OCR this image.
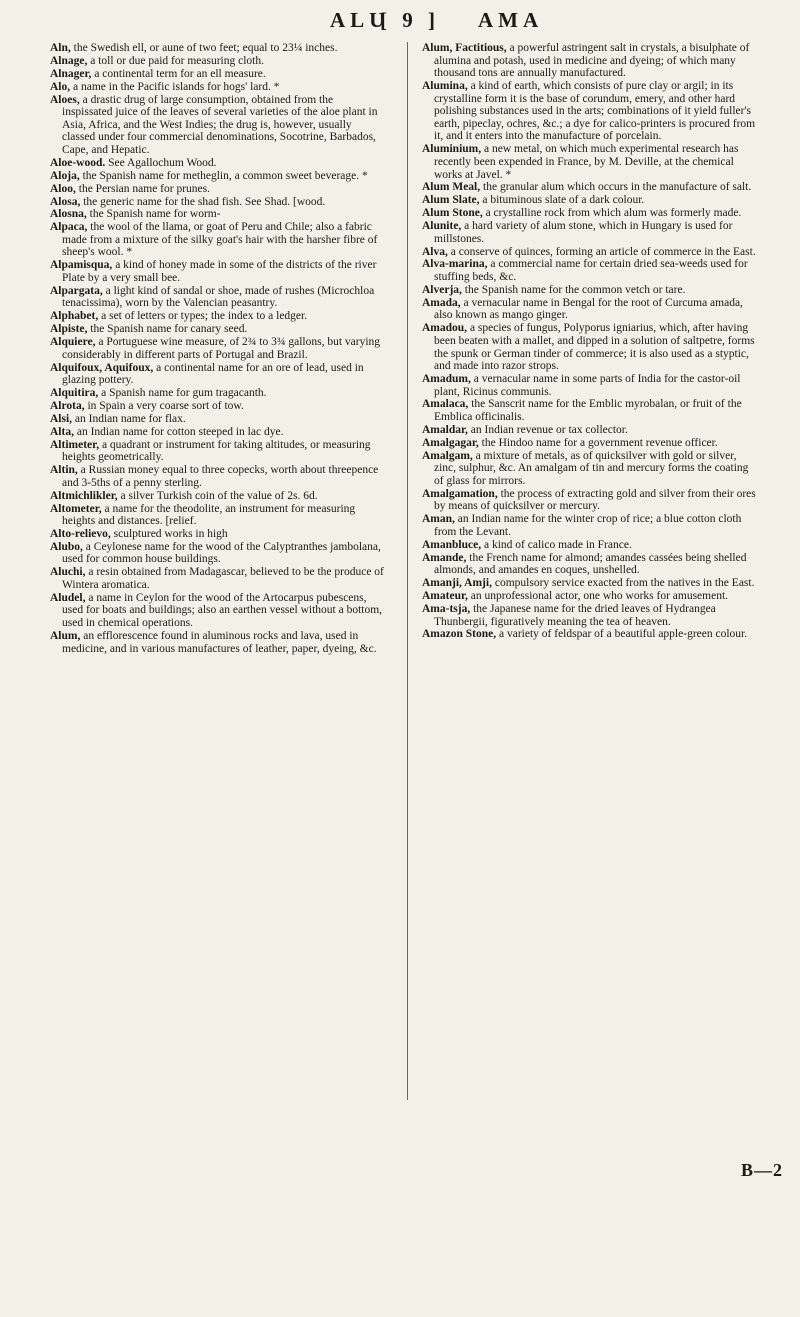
ALU
[ 9 ] AMA

Aln, the Swedish ell, or aune of two feet; equal to 23¼ inches.

Alnage, a toll or due paid for measuring cloth.

Alnager, a continental term for an ell measure.

Alo, a name in the Pacific islands for hogs' lard. *

Aloes, a drastic drug of large consumption, obtained from the inspissated juice of the leaves of several varieties of the aloe plant in Asia, Africa, and the West Indies; the drug is, however, usually classed under four commercial denominations, Socotrine, Barbados, Cape, and Hepatic.

Aloe-wood. See Agallochum Wood.

Aloja, the Spanish name for metheglin, a common sweet beverage. *

Aloo, the Persian name for prunes.

Alosa, the generic name for the shad fish. See Shad. [wood.

Alosna, the Spanish name for worm-

Alpaca, the wool of the llama, or goat of Peru and Chile; also a fabric made from a mixture of the silky goat's hair with the harsher fibre of sheep's wool. *

Alpamisqua, a kind of honey made in some of the districts of the river Plate by a very small bee.

Alpargata, a light kind of sandal or shoe, made of rushes (Microchloa tenacissima), worn by the Valencian peasantry.

Alphabet, a set of letters or types; the index to a ledger.

Alpiste, the Spanish name for canary seed.

Alquiere, a Portuguese wine measure, of 2¾ to 3¾ gallons, but varying considerably in different parts of Portugal and Brazil.

Alquifoux, Aquifoux, a continental name for an ore of lead, used in glazing pottery.

Alquitira, a Spanish name for gum tragacanth.

Alrota, in Spain a very coarse sort of tow.

Alsi, an Indian name for flax.

Alta, an Indian name for cotton steeped in lac dye.

Altimeter, a quadrant or instrument for taking altitudes, or measuring heights geometrically.

Altin, a Russian money equal to three copecks, worth about threepence and 3-5ths of a penny sterling.

Altmichlikler, a silver Turkish coin of the value of 2s. 6d.

Altometer, a name for the theodolite, an instrument for measuring heights and distances. [relief.

Alto-relievo, sculptured works in high

Alubo, a Ceylonese name for the wood of the Calyptranthes jambolana, used for common house buildings.

Aluchi, a resin obtained from Madagascar, believed to be the produce of Wintera aromatica.

Aludel, a name in Ceylon for the wood of the Artocarpus pubescens, used for boats and buildings; also an earthen vessel without a bottom, used in chemical operations.

Alum, an efflorescence found in aluminous rocks and lava, used in medicine, and in various manufactures of leather, paper, dyeing, &c.

Alum, Factitious, a powerful astringent salt in crystals, a bisulphate of alumina and potash, used in medicine and dyeing; of which many thousand tons are annually manufactured.

Alumina, a kind of earth, which consists of pure clay or argil; in its crystalline form it is the base of corundum, emery, and other hard polishing substances used in the arts; combinations of it yield fuller's earth, pipeclay, ochres, &c.; a dye for calico-printers is procured from it, and it enters into the manufacture of porcelain.

Aluminium, a new metal, on which much experimental research has recently been expended in France, by M. Deville, at the chemical works at Javel. *

Alum Meal, the granular alum which occurs in the manufacture of salt.

Alum Slate, a bituminous slate of a dark colour.

Alum Stone, a crystalline rock from which alum was formerly made.

Alunite, a hard variety of alum stone, which in Hungary is used for millstones.

Alva, a conserve of quinces, forming an article of commerce in the East.

Alva-marina, a commercial name for certain dried sea-weeds used for stuffing beds, &c.

Alverja, the Spanish name for the common vetch or tare.

Amada, a vernacular name in Bengal for the root of Curcuma amada, also known as mango ginger.

Amadou, a species of fungus, Polyporus igniarius, which, after having been beaten with a mallet, and dipped in a solution of saltpetre, forms the spunk or German tinder of commerce; it is also used as a styptic, and made into razor strops.

Amadum, a vernacular name in some parts of India for the castor-oil plant, Ricinus communis.

Amalaca, the Sanscrit name for the Emblic myrobalan, or fruit of the Emblica officinalis.

Amaldar, an Indian revenue or tax collector.

Amalgagar, the Hindoo name for a government revenue officer.

Amalgam, a mixture of metals, as of quicksilver with gold or silver, zinc, sulphur, &c. An amalgam of tin and mercury forms the coating of glass for mirrors.

Amalgamation, the process of extracting gold and silver from their ores by means of quicksilver or mercury.

Aman, an Indian name for the winter crop of rice; a blue cotton cloth from the Levant.

Amanbluce, a kind of calico made in France.

Amande, the French name for almond; amandes cassées being shelled almonds, and amandes en coques, unshelled.

Amanji, Amji, compulsory service exacted from the natives in the East.

Amateur, an unprofessional actor, one who works for amusement.

Ama-tsja, the Japanese name for the dried leaves of Hydrangea Thunbergii, figuratively meaning the tea of heaven.

Amazon Stone, a variety of feldspar of a beautiful apple-green colour.

B—2
